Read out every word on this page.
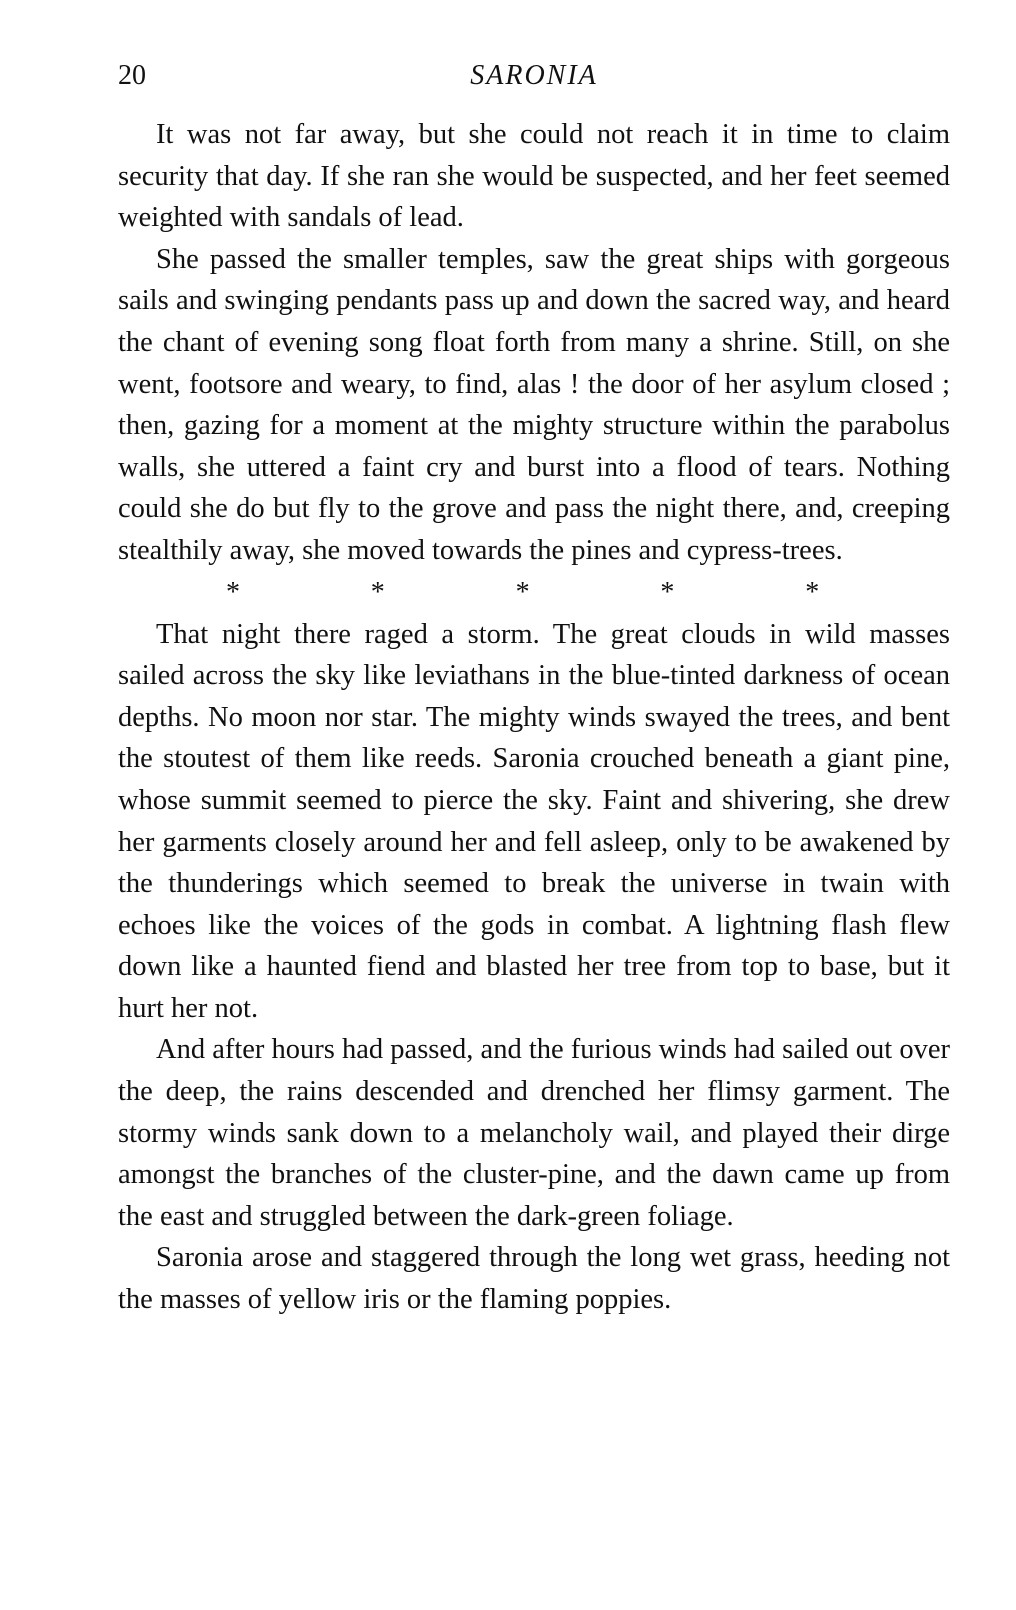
20	SARONIA

It was not far away, but she could not reach it in time to claim security that day. If she ran she would be suspected, and her feet seemed weighted with sandals of lead.

She passed the smaller temples, saw the great ships with gorgeous sails and swinging pendants pass up and down the sacred way, and heard the chant of evening song float forth from many a shrine. Still, on she went, footsore and weary, to find, alas ! the door of her asylum closed ; then, gazing for a moment at the mighty structure within the parabolus walls, she uttered a faint cry and burst into a flood of tears. Nothing could she do but fly to the grove and pass the night there, and, creeping stealthily away, she moved towards the pines and cypress-trees.

*	*	*	*	*

That night there raged a storm. The great clouds in wild masses sailed across the sky like leviathans in the blue-tinted darkness of ocean depths. No moon nor star. The mighty winds swayed the trees, and bent the stoutest of them like reeds. Saronia crouched beneath a giant pine, whose summit seemed to pierce the sky. Faint and shivering, she drew her garments closely around her and fell asleep, only to be awakened by the thunderings which seemed to break the universe in twain with echoes like the voices of the gods in combat. A lightning flash flew down like a haunted fiend and blasted her tree from top to base, but it hurt her not.

And after hours had passed, and the furious winds had sailed out over the deep, the rains descended and drenched her flimsy garment. The stormy winds sank down to a melancholy wail, and played their dirge amongst the branches of the cluster-pine, and the dawn came up from the east and struggled between the dark-green foliage.

Saronia arose and staggered through the long wet grass, heeding not the masses of yellow iris or the flaming poppies.
